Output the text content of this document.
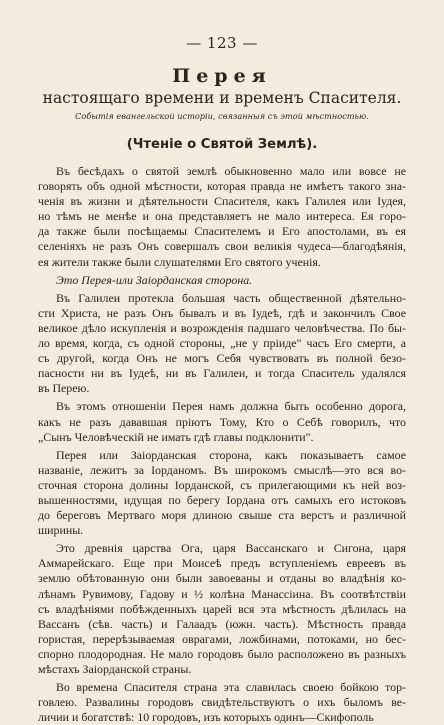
— 123 —
Перея
настоящаго времени и временъ Спасителя.
Событія евангельской исторіи, связанныя съ этой мѣстностью.
(Чтеніе о Святой Землѣ).
Въ бесѣдахъ о святой землѣ обыкновенно мало или вовсе не
говорять объ одной мѣстности, которая правда не имѣетъ такого зна-
ченія въ жизни и дѣятельности Спасителя, какъ Галилея или Іудея,
но тѣмъ не менѣе и она представляетъ не мало интереса. Ея горо-
да также были посѣщаемы Спасителемъ и Его апостолами, въ ея
селеніяхъ не разъ Онъ совершалъ свои великія чудеса—благодѣянія,
ея жители также были слушателями Его святого ученія.
Это Перея-или Заіорданская сторона.
Въ Галилеи протекла большая часть общественной дѣятельно-
сти Христа, не разъ Онъ бывалъ и въ Іудеѣ, гдѣ и закончилъ Свое
великое дѣло искупленія и возрожденія падшаго человѣчества. По бы-
ло время, когда, съ одной стороны, „не у пріиде" часъ Его смерти, а
съ другой, когда Онъ не могъ Себя чувствовать въ полной безо-
пасности ни въ Іудеѣ, ни въ Галилеи, и тогда Спаситель удалялся
въ Перею.
Въ этомъ отношеніи Перея намъ должна быть особенно дорога,
какъ не разъ дававшая пріютъ Тому, Кто о Себѣ говорилъ, что
„Сынъ Человѣческій не имать гдѣ главы подклонити".
Перея или Заіорданская сторона, какъ показываетъ самое
названіе, лежитъ за Іорданомъ. Въ широкомъ смыслѣ—это вся во-
сточная сторона долины Іорданской, съ прилегающими къ ней воз-
вышенностями, идущая по берегу Іордана отъ самыхъ его истоковъ
до береговъ Мертваго моря длиною свыше ста верстъ и различной
ширины.
Это древнія царства Ога, царя Вассанскаго и Сигона, царя
Аммарейскаго. Еще при Моисеѣ предъ вступленіемъ евреевъ въ
землю обѣтованную они были завоеваны и отданы во владѣнія ко-
лѣнамъ Рувимову, Гадову и ½ колѣна Манассіина. Въ соотвѣтствіи
съ владѣніями побѣжденныхъ царей вся эта мѣстность дѣлилась на
Вассанъ (сѣв. часть) и Галаадъ (южн. часть). Мѣстность правда
гористая, перерѣзываемая оврагами, ложбинами, потоками, но бес-
спорно плодородная. Не мало городовъ было расположено въ разныхъ
мѣстахъ Заіорданской страны.
Во времена Спасителя страна эта славилась своею бойкою тор-
говлею. Развалины городовъ свидѣтельствуютъ о ихъ быломъ ве-
личии и богатствѣ: 10 городовъ, изъ которыхъ одинъ—Скифополь
